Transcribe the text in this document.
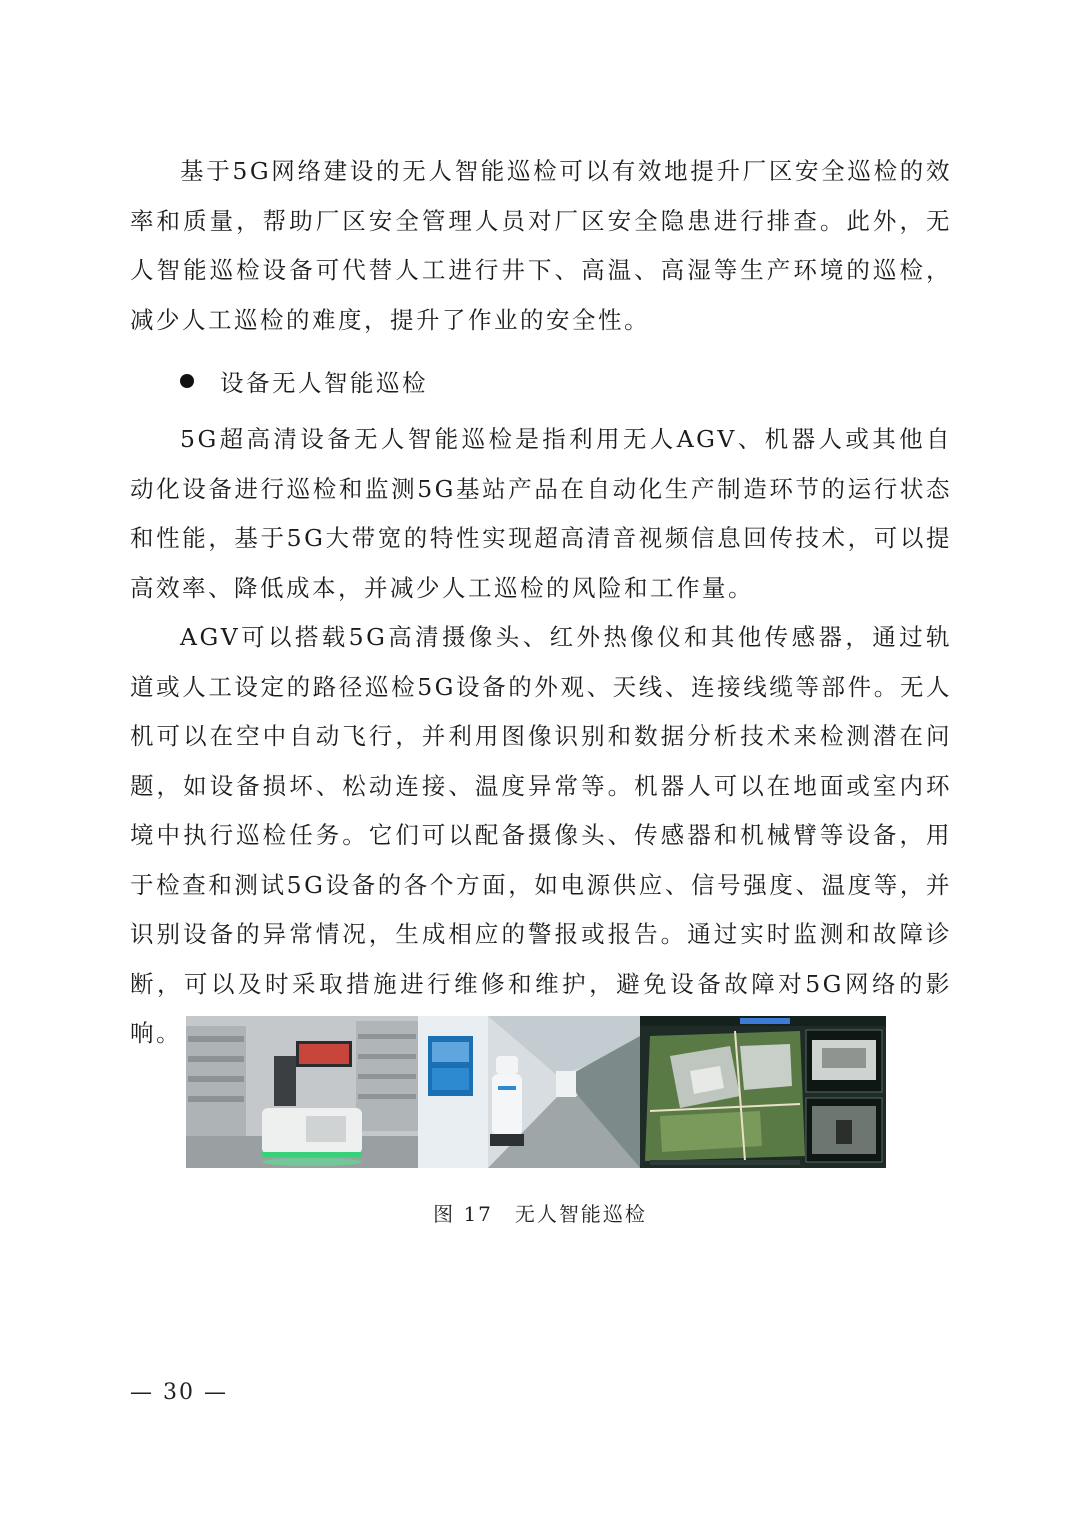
基于5G网络建设的无人智能巡检可以有效地提升厂区安全巡检的效率和质量，帮助厂区安全管理人员对厂区安全隐患进行排查。此外，无人智能巡检设备可代替人工进行井下、高温、高湿等生产环境的巡检，减少人工巡检的难度，提升了作业的安全性。

设备无人智能巡检

5G超高清设备无人智能巡检是指利用无人AGV、机器人或其他自动化设备进行巡检和监测5G基站产品在自动化生产制造环节的运行状态和性能，基于5G大带宽的特性实现超高清音视频信息回传技术，可以提高效率、降低成本，并减少人工巡检的风险和工作量。

AGV可以搭载5G高清摄像头、红外热像仪和其他传感器，通过轨道或人工设定的路径巡检5G设备的外观、天线、连接线缆等部件。无人机可以在空中自动飞行，并利用图像识别和数据分析技术来检测潜在问题，如设备损坏、松动连接、温度异常等。机器人可以在地面或室内环境中执行巡检任务。它们可以配备摄像头、传感器和机械臂等设备，用于检查和测试5G设备的各个方面，如电源供应、信号强度、温度等，并识别设备的异常情况，生成相应的警报或报告。通过实时监测和故障诊断，可以及时采取措施进行维修和维护，避免设备故障对5G网络的影响。

图 17 无人智能巡检
— 30 —
